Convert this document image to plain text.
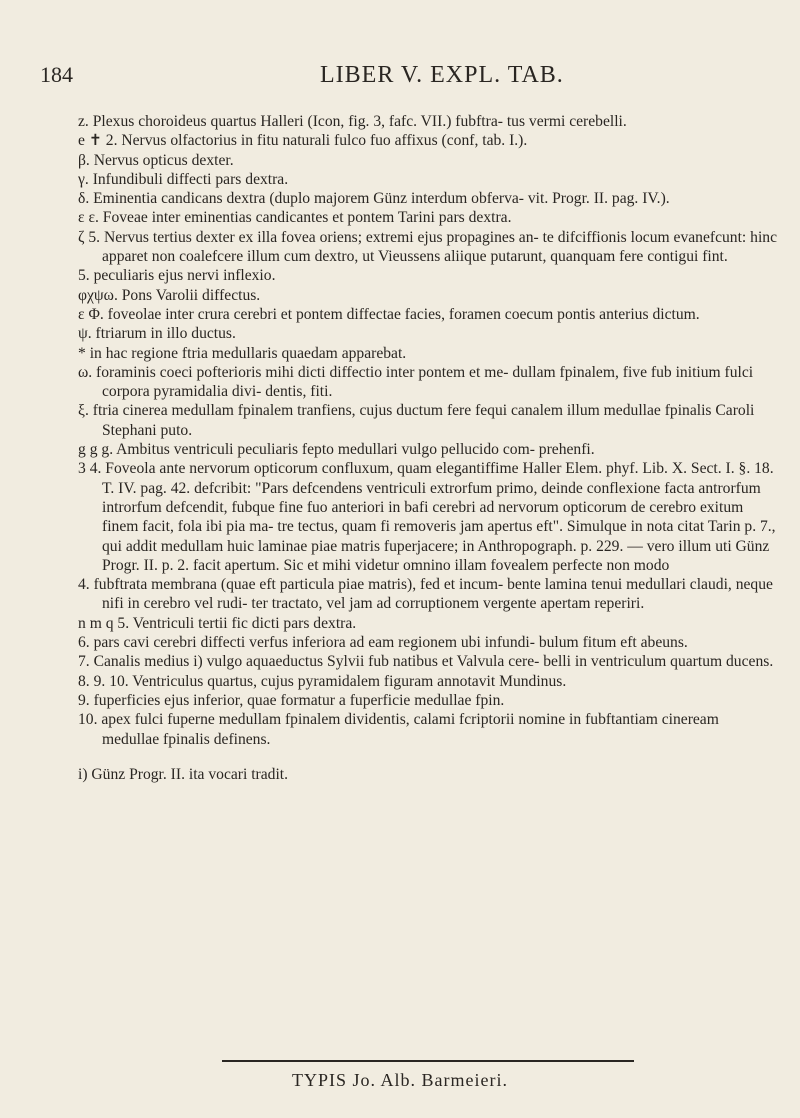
184	LIBER V. EXPL. TAB.

z. Plexus choroideus quartus Halleri (Icon, fig. 3, fafc. VII.) fubftra- tus vermi cerebelli.

e ✝ 2. Nervus olfactorius in fitu naturali fulco fuo affixus (conf, tab. I.).

β. Nervus opticus dexter.

γ. Infundibuli diffecti pars dextra.

δ. Eminentia candicans dextra (duplo majorem Günz interdum obferva- vit. Progr. II. pag. IV.).

ε ε. Foveae inter eminentias candicantes et pontem Tarini pars dextra.

ζ 5. Nervus tertius dexter ex illa fovea oriens; extremi ejus propagines an- te difciffionis locum evanefcunt: hinc apparet non coalefcere illum cum dextro, ut Vieussens aliique putarunt, quanquam fere contigui fint.

5. peculiaris ejus nervi inflexio.

φχψω. Pons Varolii diffectus.

ε Φ. foveolae inter crura cerebri et pontem diffectae facies, foramen coecum pontis anterius dictum.

ψ. ftriarum in illo ductus.

* in hac regione ftria medullaris quaedam apparebat.

ω. foraminis coeci pofterioris mihi dicti diffectio inter pontem et me- dullam fpinalem, five fub initium fulci corpora pyramidalia divi- dentis, fiti.

ξ. ftria cinerea medullam fpinalem tranfiens, cujus ductum fere fequi canalem illum medullae fpinalis Caroli Stephani puto.

g g g. Ambitus ventriculi peculiaris fepto medullari vulgo pellucido com- prehenfi.

3 4. Foveola ante nervorum opticorum confluxum, quam elegantiffime Haller Elem. phyf. Lib. X. Sect. I. §. 18. T. IV. pag. 42. defcribit: "Pars defcendens ventriculi extrorfum primo, deinde conflexione facta antrorfum introrfum defcendit, fubque fine fuo anteriori in bafi cerebri ad nervorum opticorum de cerebro exitum finem facit, fola ibi pia ma- tre tectus, quam fi removeris jam apertus eft". Simulque in nota citat Tarin p. 7., qui addit medullam huic laminae piae matris fuperjacere; in Anthropograph. p. 229. — vero illum uti Günz Progr. II. p. 2. facit apertum. Sic et mihi videtur omnino illam fovealem perfecte non modo

4. fubftrata membrana (quae eft particula piae matris), fed et incum- bente lamina tenui medullari claudi, neque nifi in cerebro vel rudi- ter tractato, vel jam ad corruptionem vergente apertam reperiri.

n m q 5. Ventriculi tertii fic dicti pars dextra.

6. pars cavi cerebri diffecti verfus inferiora ad eam regionem ubi infundi- bulum fitum eft abeuns.

7. Canalis medius i) vulgo aquaeductus Sylvii fub natibus et Valvula cere- belli in ventriculum quartum ducens.

8. 9. 10. Ventriculus quartus, cujus pyramidalem figuram annotavit Mundinus.

9. fuperficies ejus inferior, quae formatur a fuperficie medullae fpin.

10. apex fulci fuperne medullam fpinalem dividentis, calami fcriptorii nomine in fubftantiam cineream medullae fpinalis definens.

i) Günz Progr. II. ita vocari tradit.

TYPIS Jo. Alb. Barmeieri.
